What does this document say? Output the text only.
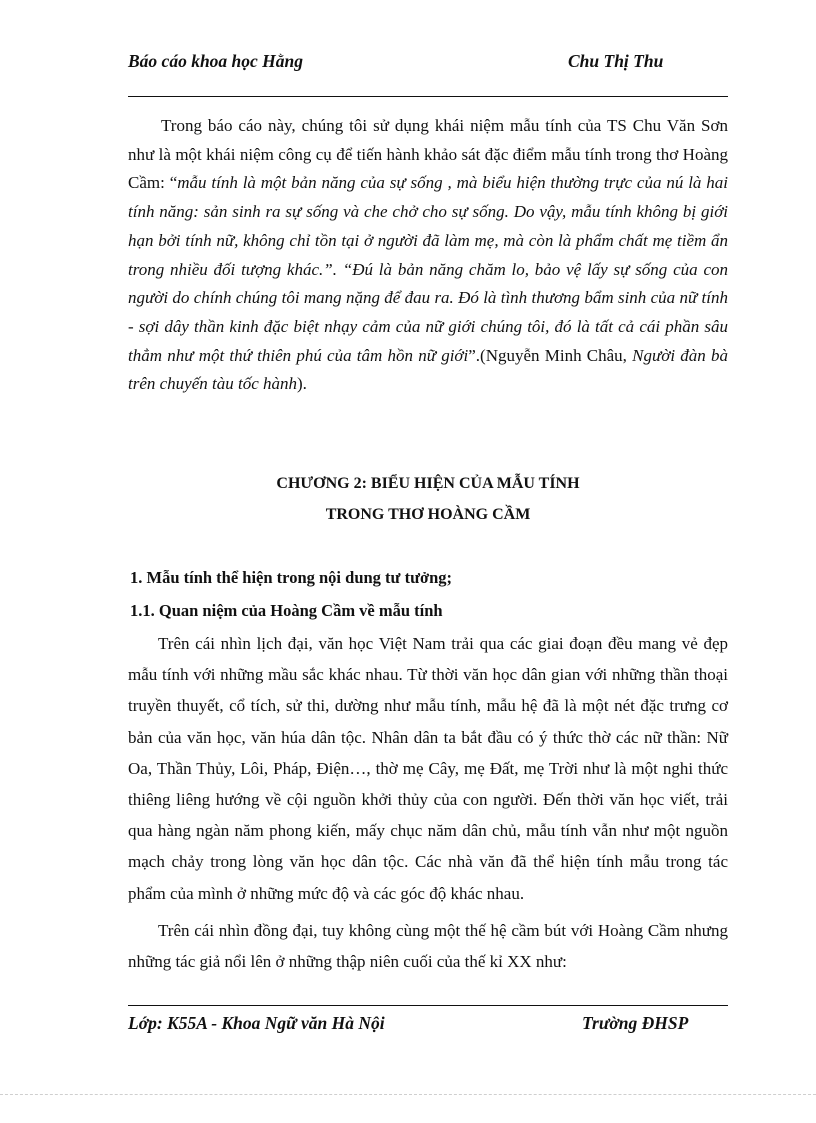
Báo cáo khoa học Hằng	Chu Thị Thu

Trong báo cáo này, chúng tôi sử dụng khái niệm mẫu tính của TS Chu Văn Sơn như là một khái niệm công cụ để tiến hành khảo sát đặc điểm mẫu tính trong thơ Hoàng Cầm: “mẫu tính là một bản năng của sự sống , mà biểu hiện thường trực của nú là hai tính năng: sản sinh ra sự sống và che chở cho sự sống. Do vậy, mẫu tính không bị giới hạn bởi tính nữ, không chỉ tồn tại ở người đã làm mẹ, mà còn là phẩm chất mẹ tiềm ẩn trong nhiều đối tượng khác.”. “Đú là bản năng chăm lo, bảo vệ lấy sự sống của con người do chính chúng tôi mang nặng để đau ra. Đó là tình thương bẩm sinh của nữ tính - sợi dây thần kinh đặc biệt nhạy cảm của nữ giới chúng tôi, đó là tất cả cái phần sâu thẳm như một thứ thiên phú của tâm hồn nữ giới”.(Nguyễn Minh Châu, Người đàn bà trên chuyến tàu tốc hành).

CHƯƠNG 2: BIỂU HIỆN CỦA MẪU TÍNH
TRONG THƠ HOÀNG CẦM
1. Mẫu tính thể hiện trong nội dung tư tưởng;
1.1. Quan niệm của Hoàng Cầm về mẫu tính

Trên cái nhìn lịch đại, văn học Việt Nam trải qua các giai đoạn đều mang vẻ đẹp mẫu tính với những mầu sắc khác nhau. Từ thời văn học dân gian với những thần thoại truyền thuyết, cổ tích, sử thi, dường như mẫu tính, mẫu hệ đã là một nét đặc trưng cơ bản của văn học, văn húa dân tộc. Nhân dân ta bắt đầu có ý thức thờ các nữ thần: Nữ Oa, Thần Thủy, Lôi, Pháp, Điện…, thờ mẹ Cây, mẹ Đất, mẹ Trời như là một nghi thức thiêng liêng hướng về cội nguồn khởi thủy của con người. Đến thời văn học viết, trải qua hàng ngàn năm phong kiến, mấy chục năm dân chủ, mẫu tính vẫn như một nguồn mạch chảy trong lòng văn học dân tộc. Các nhà văn đã thể hiện tính mẫu trong tác phẩm của mình ở những mức độ và các góc độ khác nhau.

Trên cái nhìn đồng đại, tuy không cùng một thế hệ cầm bút với Hoàng Cầm nhưng những tác giả nổi lên ở những thập niên cuối của thế kỉ XX như:

Lớp: K55A - Khoa Ngữ văn Hà Nội	Trường ĐHSP
